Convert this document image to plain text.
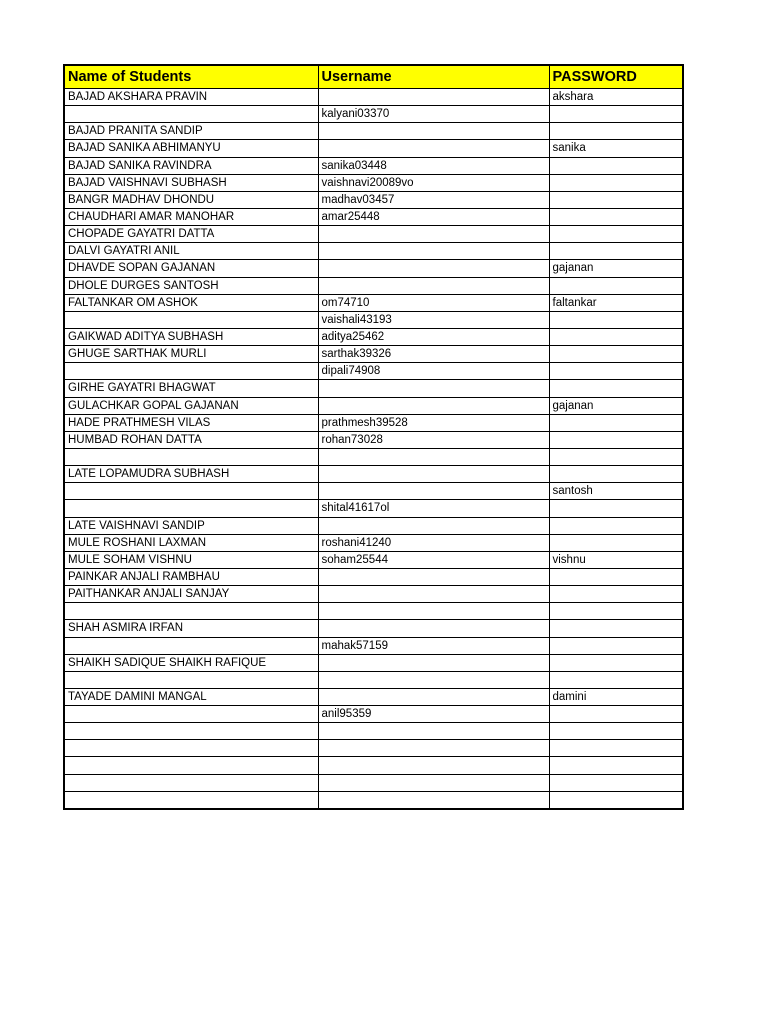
Name of Students	Username	PASSWORD
BAJAD AKSHARA PRAVIN		akshara
	kalyani03370	
BAJAD PRANITA SANDIP		
BAJAD SANIKA ABHIMANYU		sanika
BAJAD SANIKA RAVINDRA	sanika03448	
BAJAD VAISHNAVI SUBHASH	vaishnavi20089vo	
BANGR MADHAV DHONDU	madhav03457	
CHAUDHARI AMAR MANOHAR	amar25448	
CHOPADE GAYATRI DATTA		
DALVI GAYATRI ANIL		
DHAVDE SOPAN GAJANAN		gajanan
DHOLE DURGES SANTOSH		
FALTANKAR OM ASHOK	om74710	faltankar
	vaishali43193	
GAIKWAD ADITYA SUBHASH	aditya25462	
GHUGE SARTHAK MURLI	sarthak39326	
	dipali74908	
GIRHE GAYATRI BHAGWAT		
GULACHKAR GOPAL GAJANAN		gajanan
HADE PRATHMESH VILAS	prathmesh39528	
HUMBAD ROHAN DATTA	rohan73028	

LATE LOPAMUDRA SUBHASH		
		santosh
	shital41617ol	
LATE VAISHNAVI SANDIP		
MULE ROSHANI LAXMAN	roshani41240	
MULE SOHAM VISHNU	soham25544	vishnu
PAINKAR ANJALI RAMBHAU		
PAITHANKAR ANJALI SANJAY		

SHAH ASMIRA IRFAN		
	mahak57159	
SHAIKH SADIQUE SHAIKH RAFIQUE		

TAYADE DAMINI MANGAL		damini
	anil95359	
